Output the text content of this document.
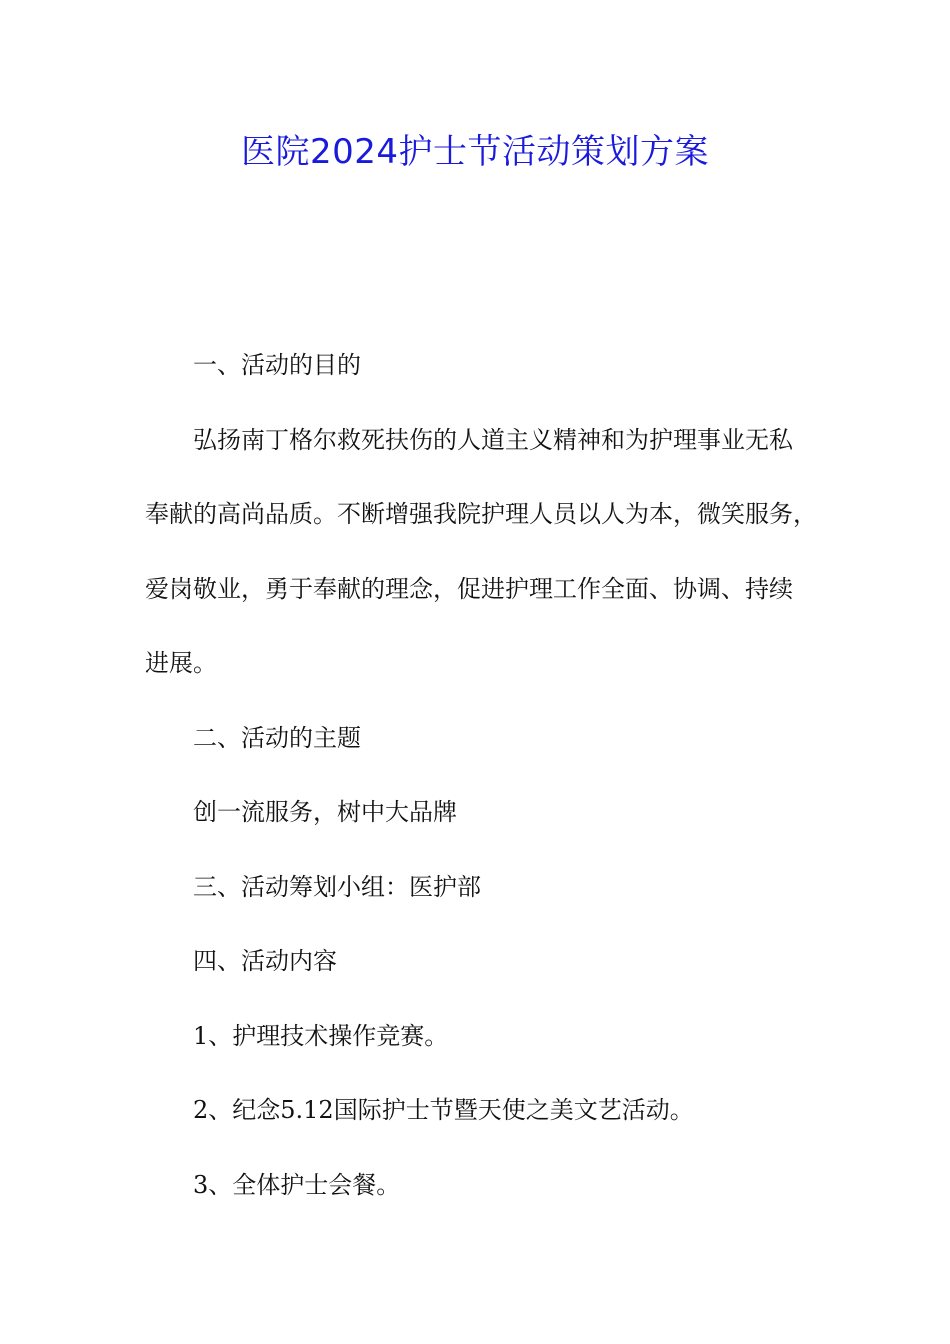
医院2024护士节活动策划方案
一、活动的目的
弘扬南丁格尔救死扶伤的人道主义精神和为护理事业无私
奉献的高尚品质。不断增强我院护理人员以人为本，微笑服务，
爱岗敬业，勇于奉献的理念，促进护理工作全面、协调、持续
进展。
二、活动的主题
创一流服务，树中大品牌
三、活动筹划小组：医护部
四、活动内容
1、护理技术操作竞赛。
2、纪念5.12国际护士节暨天使之美文艺活动。
3、全体护士会餐。
